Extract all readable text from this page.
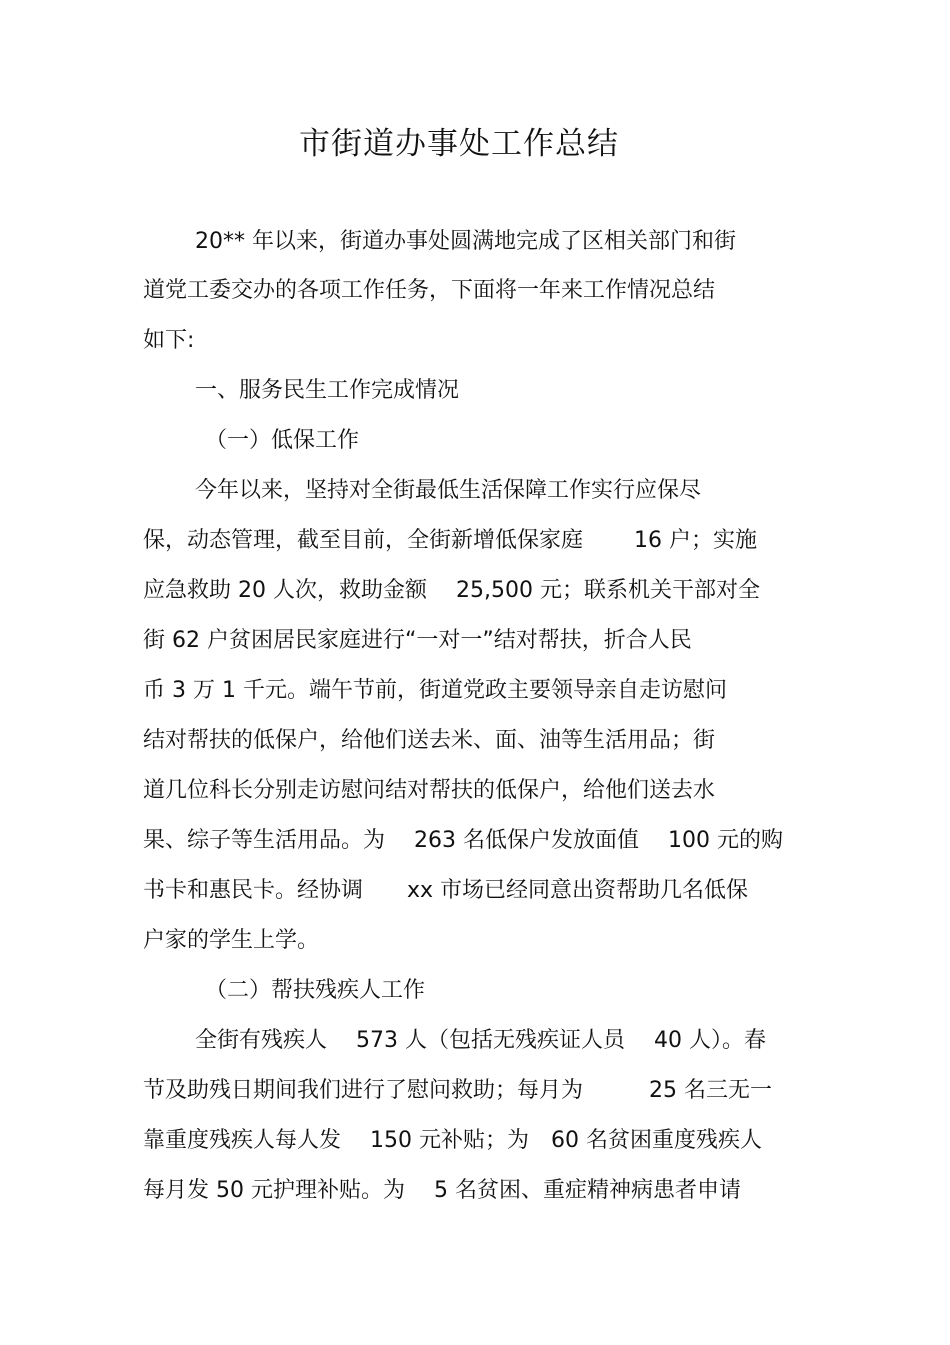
市街道办事处工作总结
20** 年以来，街道办事处圆满地完成了区相关部门和街
道党工委交办的各项工作任务，下面将一年来工作情况总结
如下:
一、服务民生工作完成情况
（一）低保工作
今年以来，坚持对全街最低生活保障工作实行应保尽
保，动态管理，截至目前，全街新增低保家庭　　 16 户；实施
应急救助 20 人次，救助金额　 25,500 元；联系机关干部对全
街 62 户贫困居民家庭进行“一对一”结对帮扶，折合人民
币 3 万 1 千元。端午节前，街道党政主要领导亲自走访慰问
结对帮扶的低保户，给他们送去米、面、油等生活用品；街
道几位科长分别走访慰问结对帮扶的低保户，给他们送去水
果、综子等生活用品。为　 263 名低保户发放面值　 100 元的购
书卡和惠民卡。经协调　　xx 市场已经同意出资帮助几名低保
户家的学生上学。
（二）帮扶残疾人工作
全街有残疾人　 573 人（包括无残疾证人员　 40 人）。春
节及助残日期间我们进行了慰问救助；每月为　　　25 名三无一
靠重度残疾人每人发　 150 元补贴；为　60 名贫困重度残疾人
每月发 50 元护理补贴。为　 5 名贫困、重症精神病患者申请
